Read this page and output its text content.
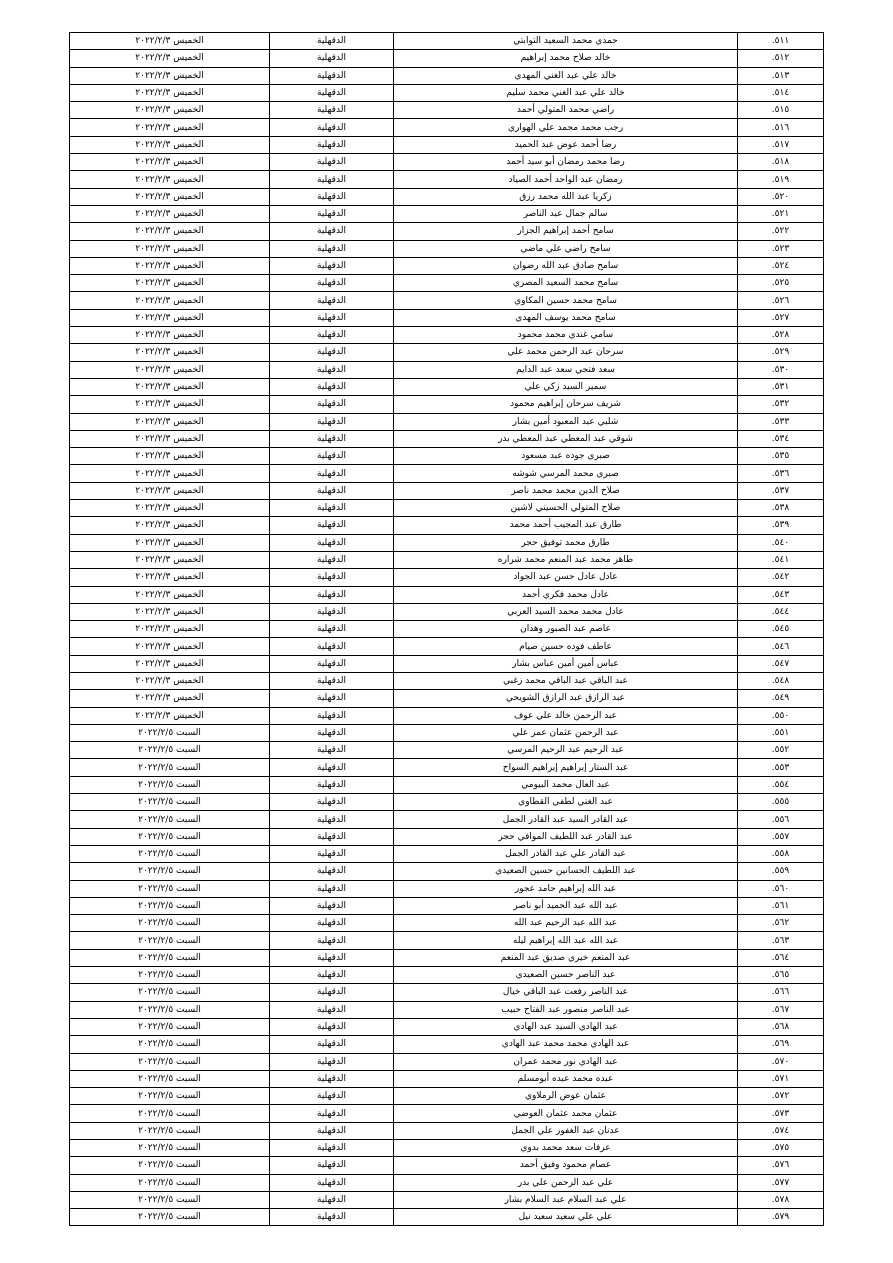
٥١١.	حمدي محمد السعيد التوابتي	الدقهلية	الخميس ٢٠٢٢/٢/٣
٥١٢.	خالد صلاح محمد إبراهيم	الدقهلية	الخميس ٢٠٢٢/٢/٣
٥١٣.	خالد علي عبد الغني المهدي	الدقهلية	الخميس ٢٠٢٢/٢/٣
٥١٤.	خالد علي عبد الغني محمد سليم	الدقهلية	الخميس ٢٠٢٢/٢/٣
٥١٥.	راضي محمد المتولي أحمد	الدقهلية	الخميس ٢٠٢٢/٢/٣
٥١٦.	رجب محمد محمد علي الهواري	الدقهلية	الخميس ٢٠٢٢/٢/٣
٥١٧.	رضا أحمد عوض عبد الحميد	الدقهلية	الخميس ٢٠٢٢/٢/٣
٥١٨.	رضا محمد رمضان أبو سيد أحمد	الدقهلية	الخميس ٢٠٢٢/٢/٣
٥١٩.	رمضان عبد الواحد أحمد الصياد	الدقهلية	الخميس ٢٠٢٢/٢/٣
٥٢٠.	زكريا عبد الله محمد رزق	الدقهلية	الخميس ٢٠٢٢/٢/٣
٥٢١.	سالم جمال عبد الناصر	الدقهلية	الخميس ٢٠٢٢/٢/٣
٥٢٢.	سامح أحمد إبراهيم الجزار	الدقهلية	الخميس ٢٠٢٢/٢/٣
٥٢٣.	سامح راضي علي ماضي	الدقهلية	الخميس ٢٠٢٢/٢/٣
٥٢٤.	سامح صادق عبد الله رضوان	الدقهلية	الخميس ٢٠٢٢/٢/٣
٥٢٥.	سامح محمد السعيد المصري	الدقهلية	الخميس ٢٠٢٢/٢/٣
٥٢٦.	سامح محمد حسين المكاوي	الدقهلية	الخميس ٢٠٢٢/٢/٣
٥٢٧.	سامح محمد يوسف المهدي	الدقهلية	الخميس ٢٠٢٢/٢/٣
٥٢٨.	سامي غندي محمد محمود	الدقهلية	الخميس ٢٠٢٢/٢/٣
٥٢٩.	سرحان عبد الرحمن محمد علي	الدقهلية	الخميس ٢٠٢٢/٢/٣
٥٣٠.	سعد فتحي سعد عبد الدايم	الدقهلية	الخميس ٢٠٢٢/٢/٣
٥٣١.	سمير السيد زكي علي	الدقهلية	الخميس ٢٠٢٢/٢/٣
٥٣٢.	شريف سرحان إبراهيم محمود	الدقهلية	الخميس ٢٠٢٢/٢/٣
٥٣٣.	شلبي عبد المعبود أمين بشار	الدقهلية	الخميس ٢٠٢٢/٢/٣
٥٣٤.	شوقي عبد المعطي عبد المعطي بدر	الدقهلية	الخميس ٢٠٢٢/٢/٣
٥٣٥.	صبري جوده عبد مسعود	الدقهلية	الخميس ٢٠٢٢/٢/٣
٥٣٦.	صبري محمد المرسي شوشه	الدقهلية	الخميس ٢٠٢٢/٢/٣
٥٣٧.	صلاح الدين محمد محمد ناصر	الدقهلية	الخميس ٢٠٢٢/٢/٣
٥٣٨.	صلاح المتولي الحسيني لاشين	الدقهلية	الخميس ٢٠٢٢/٢/٣
٥٣٩.	طارق عبد المجيب أحمد محمد	الدقهلية	الخميس ٢٠٢٢/٢/٣
٥٤٠.	طارق محمد توفيق حجر	الدقهلية	الخميس ٢٠٢٢/٢/٣
٥٤١.	طاهر محمد عبد المنعم محمد شراره	الدقهلية	الخميس ٢٠٢٢/٢/٣
٥٤٢.	عادل عادل حسن عبد الجواد	الدقهلية	الخميس ٢٠٢٢/٢/٣
٥٤٣.	عادل محمد فكري أحمد	الدقهلية	الخميس ٢٠٢٢/٢/٣
٥٤٤.	عادل محمد محمد السيد العربي	الدقهلية	الخميس ٢٠٢٢/٢/٣
٥٤٥.	عاصم عبد الصبور وهدان	الدقهلية	الخميس ٢٠٢٢/٢/٣
٥٤٦.	عاطف فوده حسين صيام	الدقهلية	الخميس ٢٠٢٢/٢/٣
٥٤٧.	عباس أمين أمين عباس بشار	الدقهلية	الخميس ٢٠٢٢/٢/٣
٥٤٨.	عبد الباقي عبد الباقي محمد زغبي	الدقهلية	الخميس ٢٠٢٢/٢/٣
٥٤٩.	عبد الرازق عبد الرازق الشويحي	الدقهلية	الخميس ٢٠٢٢/٢/٣
٥٥٠.	عبد الرحمن خالد علي عوف	الدقهلية	الخميس ٢٠٢٢/٢/٣
٥٥١.	عبد الرحمن عثمان عمر علي	الدقهلية	السبت ٢٠٢٢/٢/٥
٥٥٢.	عبد الرحيم عبد الرحيم المرسي	الدقهلية	السبت ٢٠٢٢/٢/٥
٥٥٣.	عبد الستار إبراهيم إبراهيم السواح	الدقهلية	السبت ٢٠٢٢/٢/٥
٥٥٤.	عبد العال محمد البيومي	الدقهلية	السبت ٢٠٢٢/٢/٥
٥٥٥.	عبد الغني لطفي القطاوي	الدقهلية	السبت ٢٠٢٢/٢/٥
٥٥٦.	عبد القادر السيد عبد القادر الجمل	الدقهلية	السبت ٢٠٢٢/٢/٥
٥٥٧.	عبد القادر عبد اللطيف الموافي حجر	الدقهلية	السبت ٢٠٢٢/٢/٥
٥٥٨.	عبد القادر علي عبد القادر الجمل	الدقهلية	السبت ٢٠٢٢/٢/٥
٥٥٩.	عبد اللطيف الحسانين حسين الصعيدي	الدقهلية	السبت ٢٠٢٢/٢/٥
٥٦٠.	عبد الله إبراهيم حامد عجور	الدقهلية	السبت ٢٠٢٢/٢/٥
٥٦١.	عبد الله عبد الحميد أبو ناصر	الدقهلية	السبت ٢٠٢٢/٢/٥
٥٦٢.	عبد الله عبد الرحيم عبد الله	الدقهلية	السبت ٢٠٢٢/٢/٥
٥٦٣.	عبد الله عبد الله إبراهيم ليله	الدقهلية	السبت ٢٠٢٢/٢/٥
٥٦٤.	عبد المنعم خيري صديق عبد المنعم	الدقهلية	السبت ٢٠٢٢/٢/٥
٥٦٥.	عبد الناصر حسين الصعيدي	الدقهلية	السبت ٢٠٢٢/٢/٥
٥٦٦.	عبد الناصر رفعت عبد الباقي خيال	الدقهلية	السبت ٢٠٢٢/٢/٥
٥٦٧.	عبد الناصر منصور عبد الفتاح حبيب	الدقهلية	السبت ٢٠٢٢/٢/٥
٥٦٨.	عبد الهادي السيد عبد الهادي	الدقهلية	السبت ٢٠٢٢/٢/٥
٥٦٩.	عبد الهادي محمد محمد عبد الهادي	الدقهلية	السبت ٢٠٢٢/٢/٥
٥٧٠.	عبد الهادي نور محمد عمران	الدقهلية	السبت ٢٠٢٢/٢/٥
٥٧١.	عبده محمد عبده أبومسلم	الدقهلية	السبت ٢٠٢٢/٢/٥
٥٧٢.	عثمان عوض الرملاوي	الدقهلية	السبت ٢٠٢٢/٢/٥
٥٧٣.	عثمان محمد عثمان العوضي	الدقهلية	السبت ٢٠٢٢/٢/٥
٥٧٤.	عدنان عبد الغفور علي الجمل	الدقهلية	السبت ٢٠٢٢/٢/٥
٥٧٥.	عرفات سعد محمد بدوي	الدقهلية	السبت ٢٠٢٢/٢/٥
٥٧٦.	عصام محمود وفيق أحمد	الدقهلية	السبت ٢٠٢٢/٢/٥
٥٧٧.	علي عبد الرحمن علي بدر	الدقهلية	السبت ٢٠٢٢/٢/٥
٥٧٨.	علي عبد السلام عبد السلام بشار	الدقهلية	السبت ٢٠٢٢/٢/٥
٥٧٩.	علي علي سعيد سعيد نيل	الدقهلية	السبت ٢٠٢٢/٢/٥
